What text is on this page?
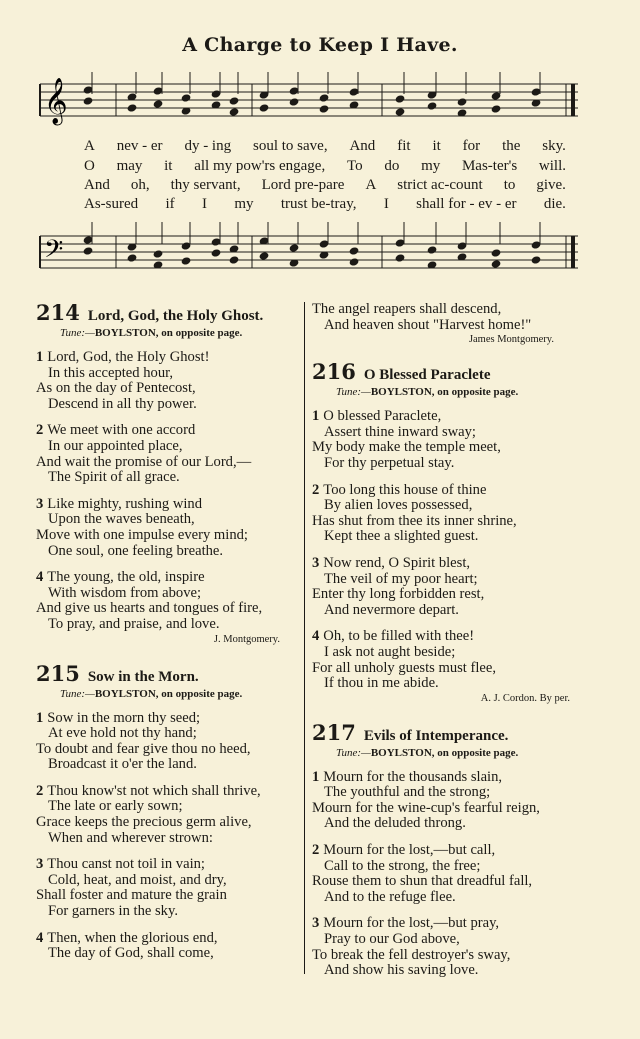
A Charge to Keep I Have.
𝄞
𝄢
A nev - er dy - ing soul to save, And fit it for the sky.
O may it all my pow'rs engage, To do my Mas-ter's will.
And oh, thy servant, Lord pre-pare A strict ac-count to give.
As-sured if I my trust be-tray, I shall for - ev - er die.
214 Lord, God, the Holy Ghost.
Tune:—BOYLSTON, on opposite page.
1 Lord, God, the Holy Ghost!
In this accepted hour,
As on the day of Pentecost,
Descend in all thy power.
2 We meet with one accord
In our appointed place,
And wait the promise of our Lord,—
The Spirit of all grace.
3 Like mighty, rushing wind
Upon the waves beneath,
Move with one impulse every mind;
One soul, one feeling breathe.
4 The young, the old, inspire
With wisdom from above;
And give us hearts and tongues of fire,
To pray, and praise, and love.
J. Montgomery.
215 Sow in the Morn.
Tune:—BOYLSTON, on opposite page.
1 Sow in the morn thy seed;
At eve hold not thy hand;
To doubt and fear give thou no heed,
Broadcast it o'er the land.
2 Thou know'st not which shall thrive,
The late or early sown;
Grace keeps the precious germ alive,
When and wherever strown:
3 Thou canst not toil in vain;
Cold, heat, and moist, and dry,
Shall foster and mature the grain
For garners in the sky.
4 Then, when the glorious end,
The day of God, shall come,
The angel reapers shall descend,
And heaven shout "Harvest home!"
James Montgomery.
216 O Blessed Paraclete
Tune:—BOYLSTON, on opposite page.
1 O blessed Paraclete,
Assert thine inward sway;
My body make the temple meet,
For thy perpetual stay.
2 Too long this house of thine
By alien loves possessed,
Has shut from thee its inner shrine,
Kept thee a slighted guest.
3 Now rend, O Spirit blest,
The veil of my poor heart;
Enter thy long forbidden rest,
And nevermore depart.
4 Oh, to be filled with thee!
I ask not aught beside;
For all unholy guests must flee,
If thou in me abide.
A. J. Cordon. By per.
217 Evils of Intemperance.
Tune:—BOYLSTON, on opposite page.
1 Mourn for the thousands slain,
The youthful and the strong;
Mourn for the wine-cup's fearful reign,
And the deluded throng.
2 Mourn for the lost,—but call,
Call to the strong, the free;
Rouse them to shun that dreadful fall,
And to the refuge flee.
3 Mourn for the lost,—but pray,
Pray to our God above,
To break the fell destroyer's sway,
And show his saving love.
